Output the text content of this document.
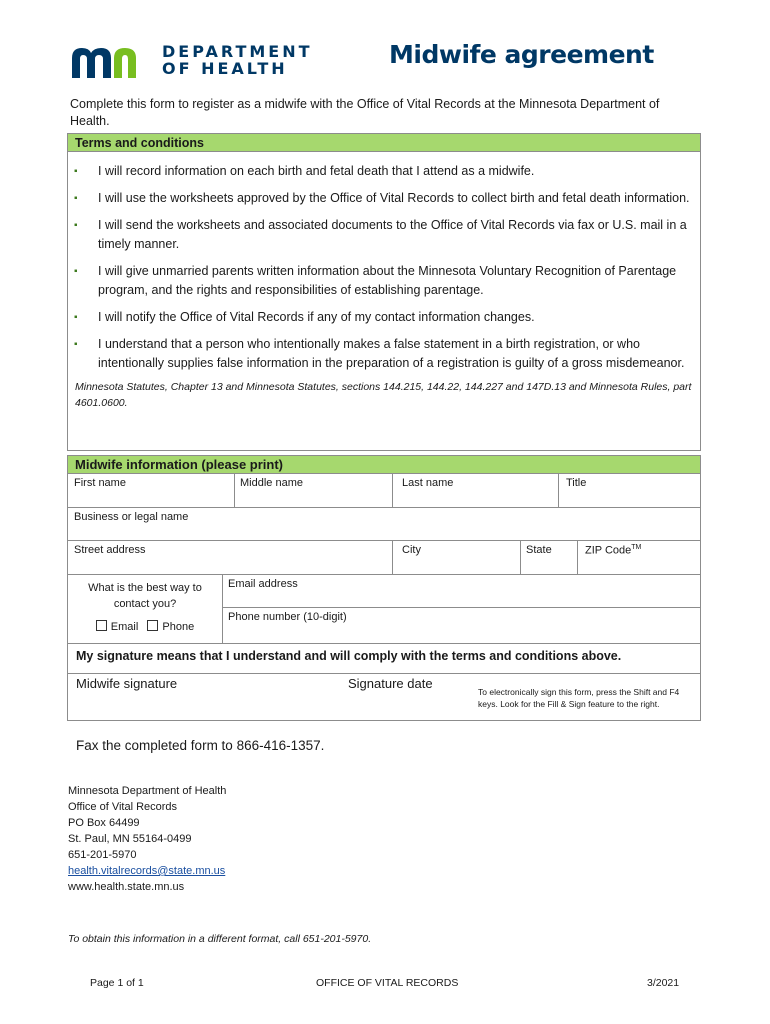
DEPARTMENT
OF HEALTH	Midwife agreement
Complete this form to register as a midwife with the Office of Vital Records at the Minnesota Department of Health.
Terms and conditions
▪ I will record information on each birth and fetal death that I attend as a midwife.
▪ I will use the worksheets approved by the Office of Vital Records to collect birth and fetal death information.
▪ I will send the worksheets and associated documents to the Office of Vital Records via fax or U.S. mail in a timely manner.
▪ I will give unmarried parents written information about the Minnesota Voluntary Recognition of Parentage program, and the rights and responsibilities of establishing parentage.
▪ I will notify the Office of Vital Records if any of my contact information changes.
▪ I understand that a person who intentionally makes a false statement in a birth registration, or who intentionally supplies false information in the preparation of a registration is guilty of a gross misdemeanor.
Minnesota Statutes, Chapter 13 and Minnesota Statutes, sections 144.215, 144.22, 144.227 and 147D.13 and Minnesota Rules, part 4601.0600.
Midwife information (please print)
First name	Middle name	Last name	Title
Business or legal name
Street address	City	State	ZIP Code™
What is the best way to contact you?
Email Phone
Email address
Phone number (10-digit)
My signature means that I understand and will comply with the terms and conditions above.
Midwife signature	Signature date
To electronically sign this form, press the Shift and F4 keys. Look for the Fill & Sign feature to the right.
Fax the completed form to 866-416-1357.
Minnesota Department of Health
Office of Vital Records
PO Box 64499
St. Paul, MN 55164-0499
651-201-5970
health.vitalrecords@state.mn.us
www.health.state.mn.us
To obtain this information in a different format, call 651-201-5970.
Page 1 of 1	OFFICE OF VITAL RECORDS	3/2021
